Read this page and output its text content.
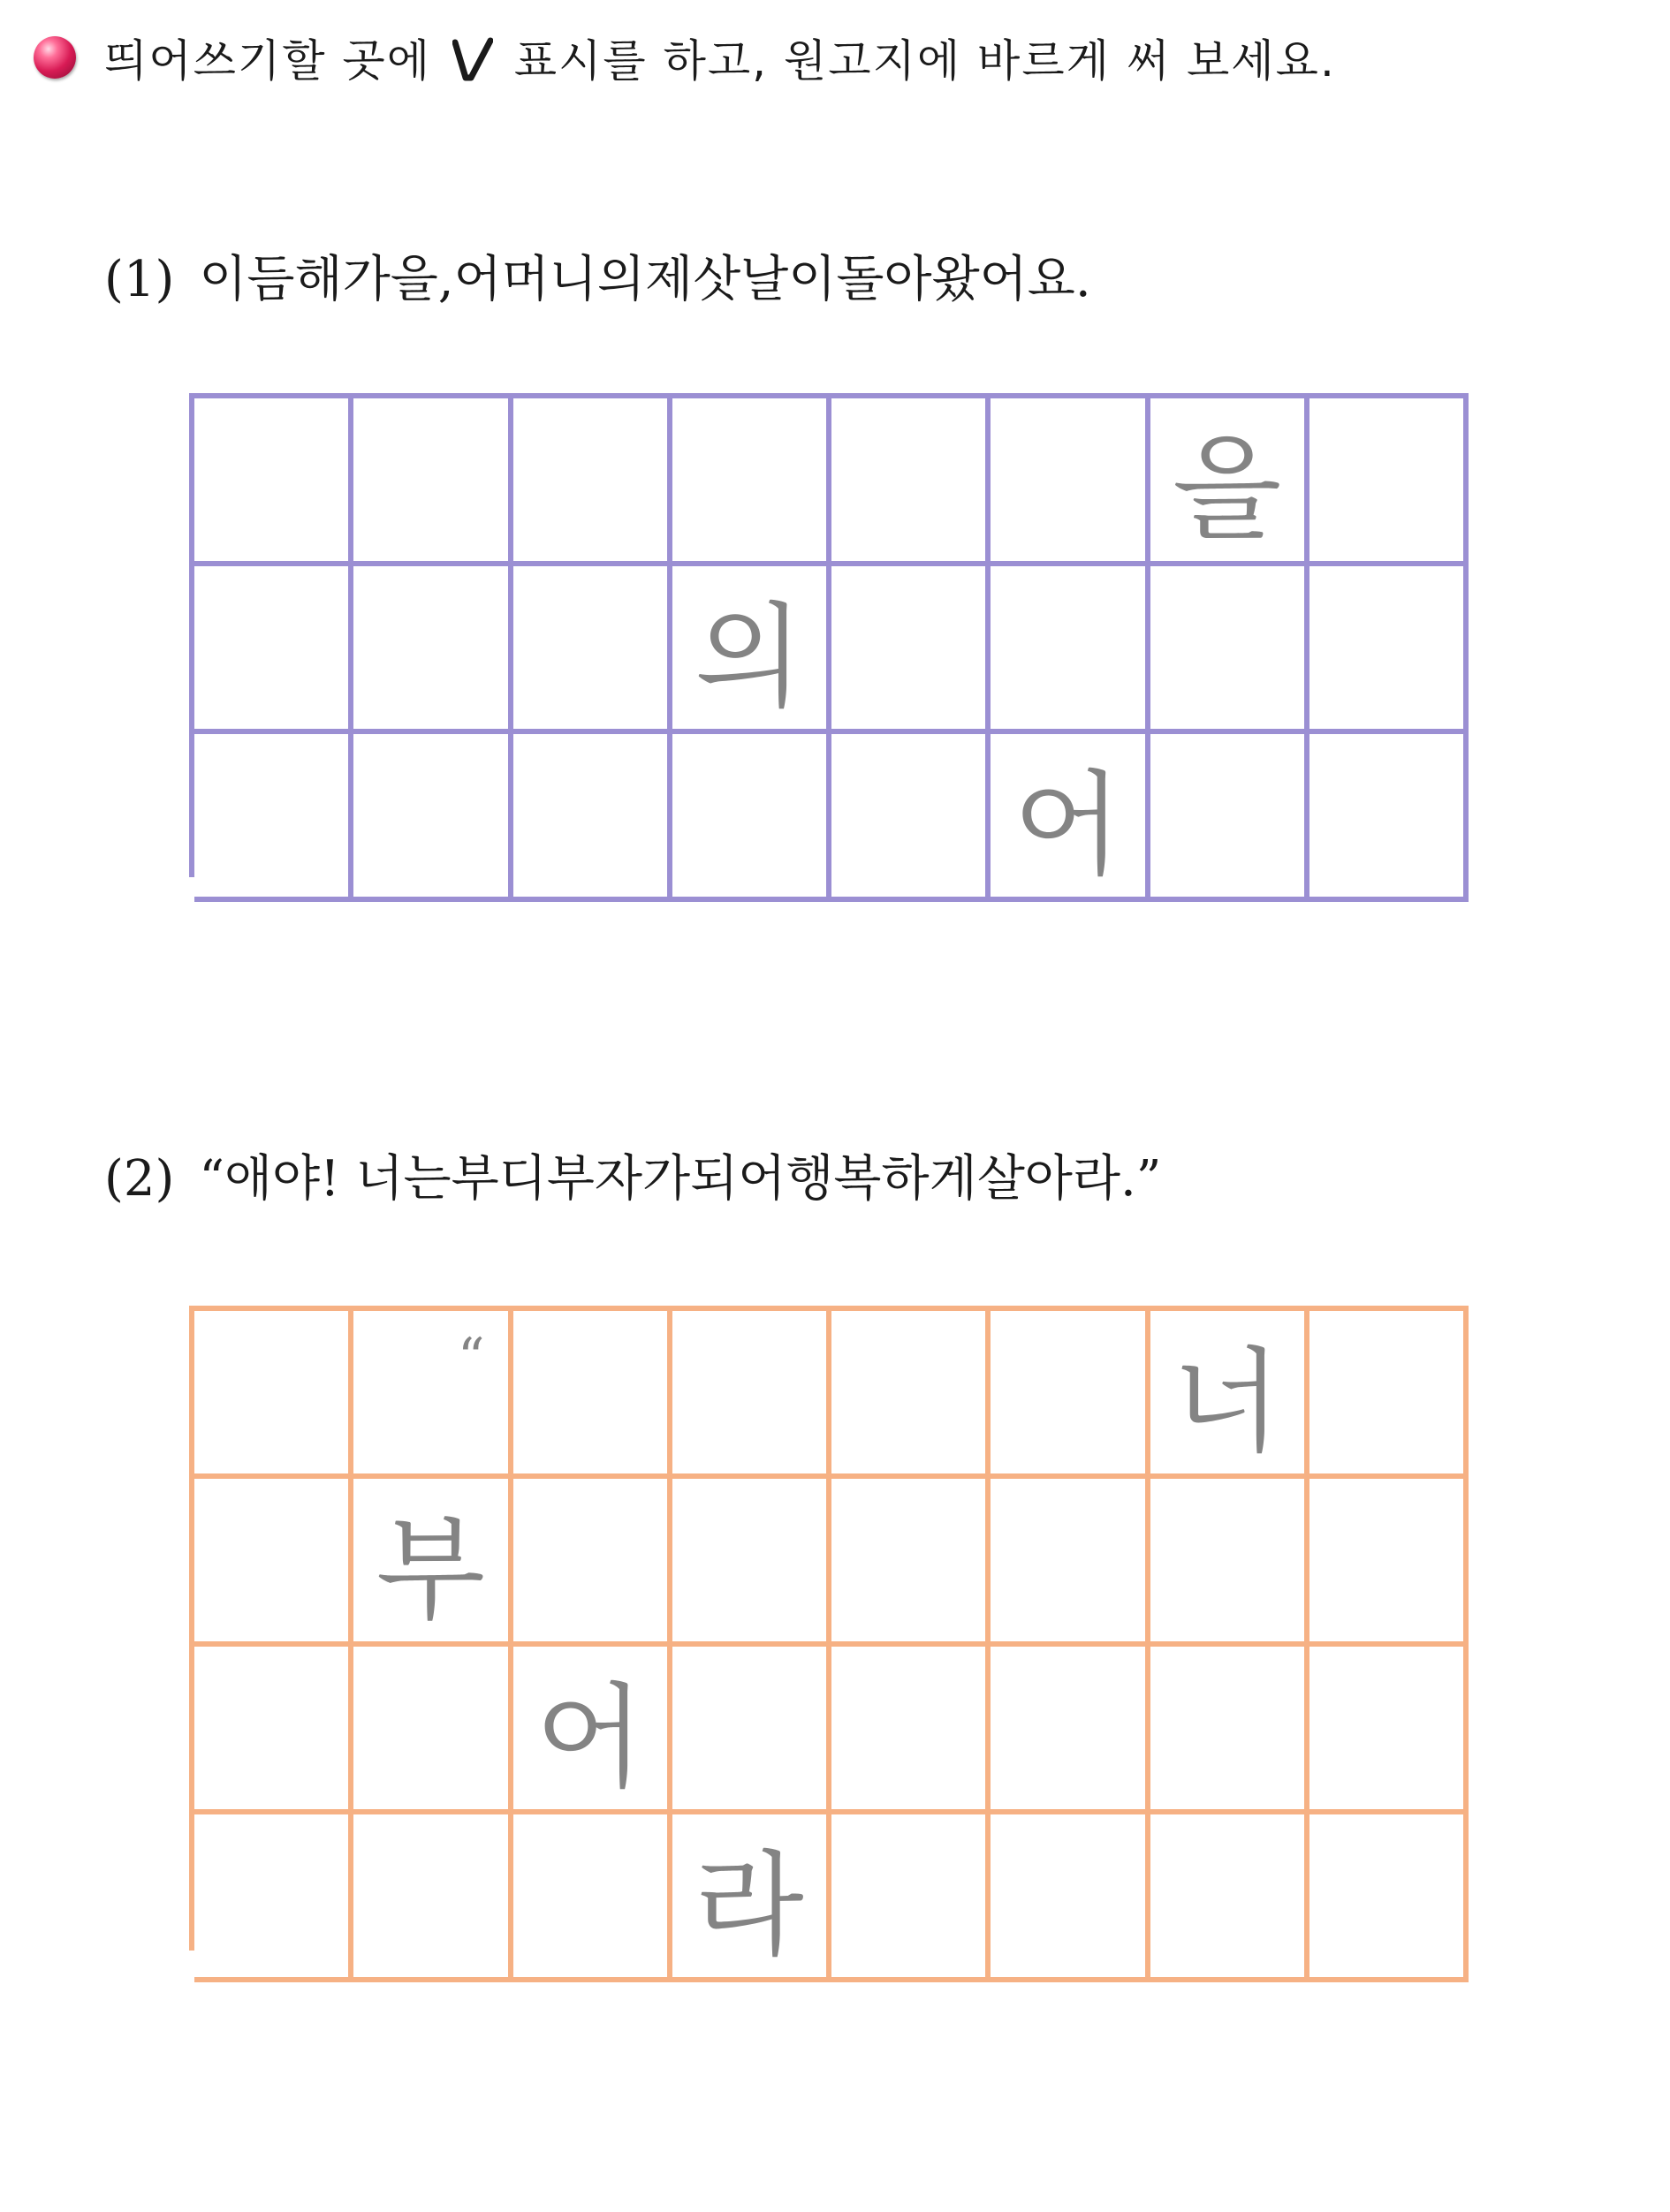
띄어쓰기할 곳에  표시를 하고, 원고지에 바르게 써 보세요.
(1) 이듬해가을,어머니의제삿날이돌아왔어요.
을
의
어
(2) “애야! 너는부디부자가되어행복하게살아라.”
“	너
부
어
라
